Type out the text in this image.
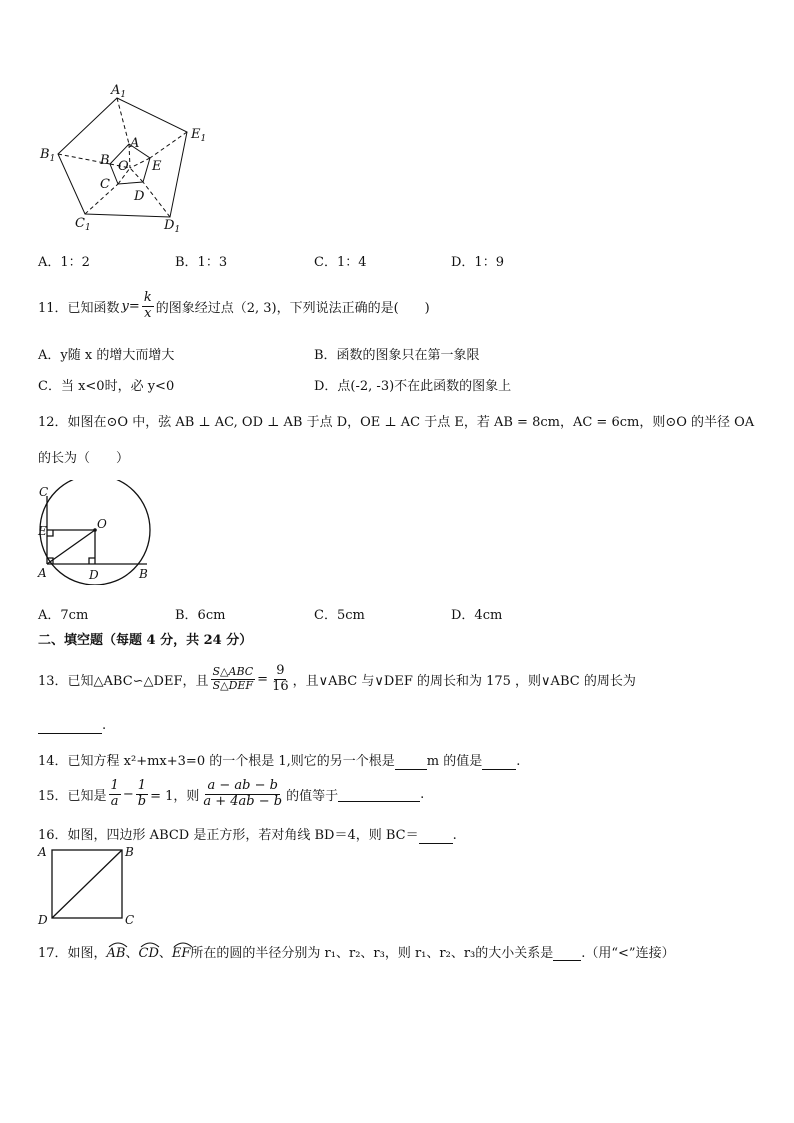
$A_1$
$E_1$
$B_1$
$C_1$	$D_1$
A
E
B
C
D
O
A．1：2	B．1：3	C．1：4	D．1：9
11．已知函数 $y = \frac{k}{x}$ 的图象经过点（2, 3)，下列说法正确的是(　　)
A．y随 x 的增大而增大	B．函数的图象只在第一象限
C．当 x<0时，必 y<0	D．点(-2, -3)不在此函数的图象上
12．如图在⊙O 中，弦 AB ⊥ AC, OD ⊥ AB 于点 D，OE ⊥ AC 于点 E，若 AB = 8cm，AC = 6cm，则⊙O 的半径 OA
的长为（　　）
C
O
E
A	D	B
A．7cm	B．6cm	C．5cm	D．4cm
二、填空题（每题 4 分，共 24 分）
13．已知△ABC∽△DEF，且 $\frac{\text{S△ABC}}{\text{S△DEF}} = \frac{9}{16}$ ，且∨ABC 与∨DEF 的周长和为 175 ，则∨ABC 的周长为
.
14．已知方程 x²+mx+3=0 的一个根是 1,则它的另一个根是 m 的值是	.
15．已知是 $\frac{1}{a} - \frac{1}{b} = 1$，则 $\frac{a - ab - b}{a + 4ab - b}$ 的值等于
	.
16．如图，四边形 ABCD 是正方形，若对角线 BD＝4，则 BC＝	.
A	B
C
D
17．如图， AB 、 CD 、 EF 所在的圆的半径分别为 r₁、r₂、r₃，则 r₁、r₂、r₃的大小关系是
.（用“<”连接）
